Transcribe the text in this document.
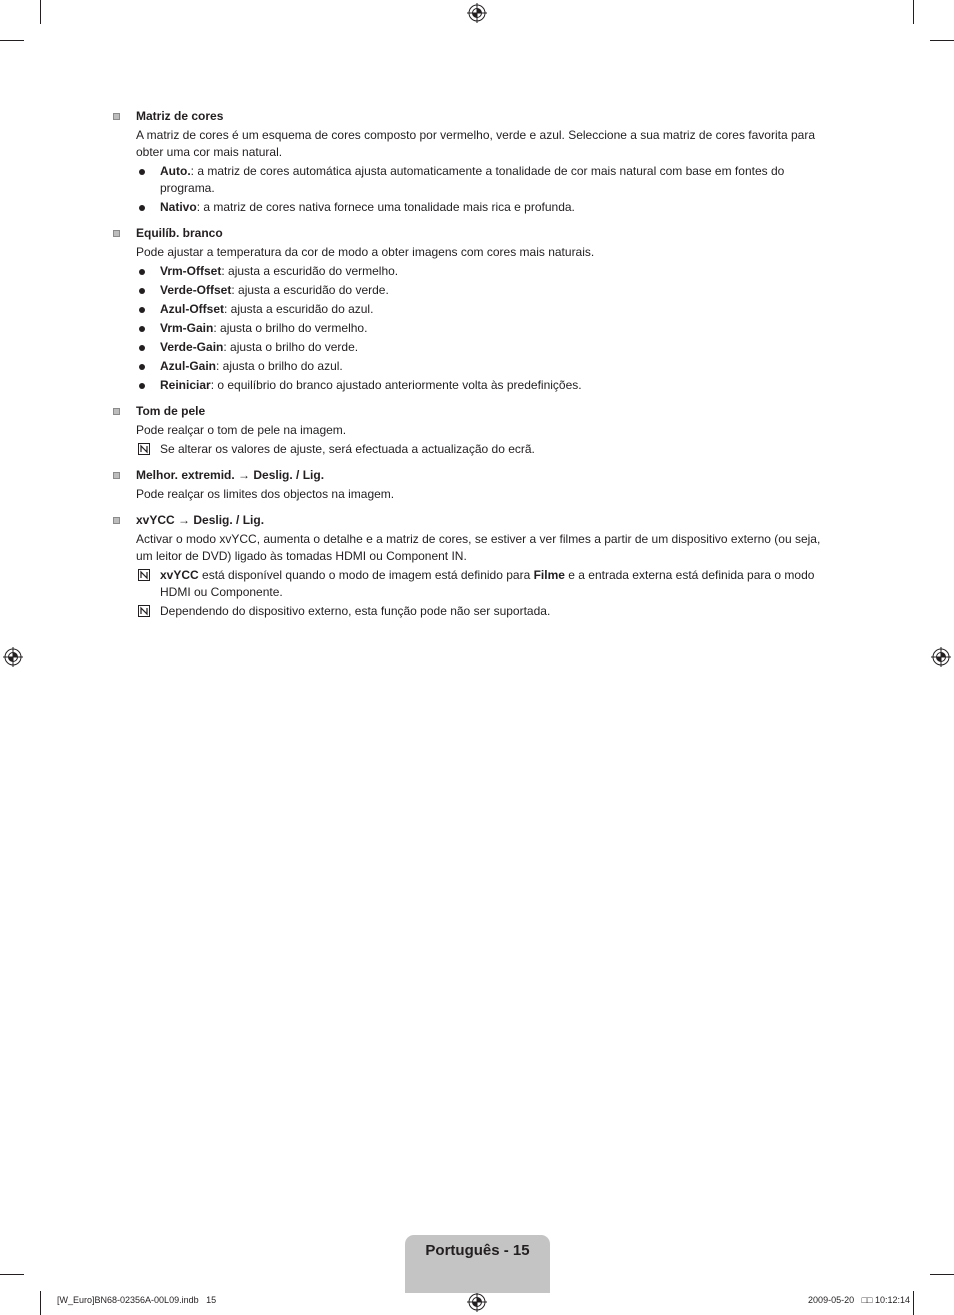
Matriz de cores
A matriz de cores é um esquema de cores composto por vermelho, verde e azul. Seleccione a sua matriz de cores favorita para obter uma cor mais natural.
Auto.: a matriz de cores automática ajusta automaticamente a tonalidade de cor mais natural com base em fontes do programa.
Nativo: a matriz de cores nativa fornece uma tonalidade mais rica e profunda.
Equilíb. branco
Pode ajustar a temperatura da cor de modo a obter imagens com cores mais naturais.
Vrm-Offset: ajusta a escuridão do vermelho.
Verde-Offset: ajusta a escuridão do verde.
Azul-Offset: ajusta a escuridão do azul.
Vrm-Gain: ajusta o brilho do vermelho.
Verde-Gain: ajusta o brilho do verde.
Azul-Gain: ajusta o brilho do azul.
Reiniciar: o equilíbrio do branco ajustado anteriormente volta às predefinições.
Tom de pele
Pode realçar o tom de pele na imagem.
Se alterar os valores de ajuste, será efectuada a actualização do ecrã.
Melhor. extremid. → Deslig. / Lig.
Pode realçar os limites dos objectos na imagem.
xvYCC → Deslig. / Lig.
Activar o modo xvYCC, aumenta o detalhe e a matriz de cores, se estiver a ver filmes a partir de um dispositivo externo (ou seja, um leitor de DVD) ligado às tomadas HDMI ou Component IN.
xvYCC está disponível quando o modo de imagem está definido para Filme e a entrada externa está definida para o modo HDMI ou Componente.
Dependendo do dispositivo externo, esta função pode não ser suportada.
Português - 15
[W_Euro]BN68-02356A-00L09.indb   15	2009-05-20   □□ 10:12:14
